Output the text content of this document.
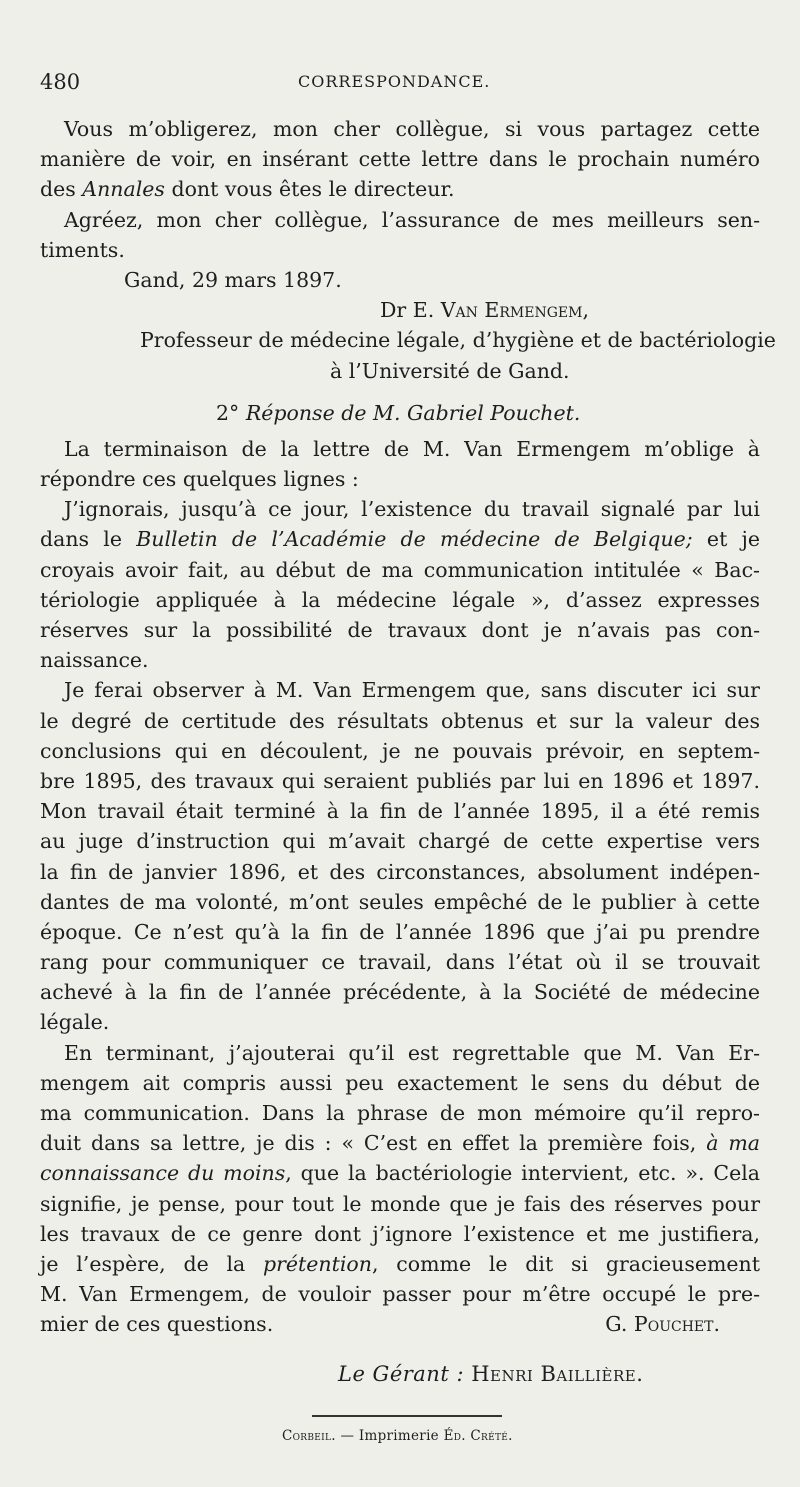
480	CORRESPONDANCE.
Vous m’obligerez, mon cher collègue, si vous partagez cette
manière de voir, en insérant cette lettre dans le prochain numéro
des Annales dont vous êtes le directeur.
Agréez, mon cher collègue, l’assurance de mes meilleurs sen-
timents.
Gand, 29 mars 1897.
Dr E. Van Ermengem,
Professeur de médecine légale, d’hygiène et de bactériologie
à l’Université de Gand.
2° Réponse de M. Gabriel Pouchet.
La terminaison de la lettre de M. Van Ermengem m’oblige à
répondre ces quelques lignes :
J’ignorais, jusqu’à ce jour, l’existence du travail signalé par lui
dans le Bulletin de l’Académie de médecine de Belgique; et je
croyais avoir fait, au début de ma communication intitulée « Bac-
tériologie appliquée à la médecine légale », d’assez expresses
réserves sur la possibilité de travaux dont je n’avais pas con-
naissance.
Je ferai observer à M. Van Ermengem que, sans discuter ici sur
le degré de certitude des résultats obtenus et sur la valeur des
conclusions qui en découlent, je ne pouvais prévoir, en septem-
bre 1895, des travaux qui seraient publiés par lui en 1896 et 1897.
Mon travail était terminé à la fin de l’année 1895, il a été remis
au juge d’instruction qui m’avait chargé de cette expertise vers
la fin de janvier 1896, et des circonstances, absolument indépen-
dantes de ma volonté, m’ont seules empêché de le publier à cette
époque. Ce n’est qu’à la fin de l’année 1896 que j’ai pu prendre
rang pour communiquer ce travail, dans l’état où il se trouvait
achevé à la fin de l’année précédente, à la Société de médecine
légale.
En terminant, j’ajouterai qu’il est regrettable que M. Van Er-
mengem ait compris aussi peu exactement le sens du début de
ma communication. Dans la phrase de mon mémoire qu’il repro-
duit dans sa lettre, je dis : « C’est en effet la première fois, à ma
connaissance du moins, que la bactériologie intervient, etc. ». Cela
signifie, je pense, pour tout le monde que je fais des réserves pour
les travaux de ce genre dont j’ignore l’existence et me justifiera,
je l’espère, de la prétention, comme le dit si gracieusement
M. Van Ermengem, de vouloir passer pour m’être occupé le pre-
mier de ces questions.	G. Pouchet.
Le Gérant : Henri Baillière.
Corbeil. — Imprimerie Éd. Crété.
